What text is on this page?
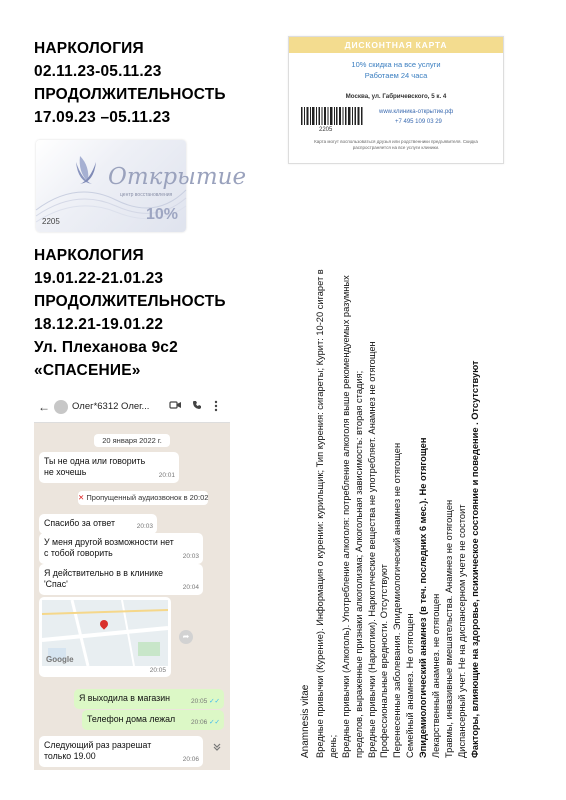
НАРКОЛОГИЯ
02.11.23-05.11.23
ПРОДОЛЖИТЕЛЬНОСТЬ
17.09.23 –05.11.23
Открытие
центр восстановления
2205	10%
НАРКОЛОГИЯ
19.01.22-21.01.23
ПРОДОЛЖИТЕЛЬНОСТЬ
18.12.21-19.01.22
Ул. Плеханова 9с2
«СПАСЕНИЕ»
ДИСКОНТНАЯ КАРТА
10% скидка на все услуги
Работаем 24 часа
Москва, ул. Габричевского, 5 к. 4
2205
www.клиника-открытие.рф
+7 495 109 03 29
Карта могут воспользоваться друзья или родственники предъявителя. Скидка распространяется на все услуги клиники.
Anamnesis vitae Вредные привычки (Курение). Информация о курении: курильщик; Тип курения: сигареты; Курит: 10-20 сигарет в день; Вредные привычки (Алкоголь). Употребление алкоголя: потребление алкоголя выше рекомендуемых разумных пределов, выраженные признаки алкоголизма; Алкогольная зависимость: вторая стадия; Вредные привычки (Наркотики). Наркотические вещества не употребляет. Анамнез не отягощен Профессиональные вредности. Отсутствуют Перенесенные заболевания. Эпидемиологический анамнез не отягощен Семейный анамнез. Не отягощен Эпидемиологический анамнез (в теч. последних 6 мес.). Не отягощен Лекарственный анамнез. не отягощен Травмы, инвазивные вмешательства. Анамнез не отягощен Диспансерный учет. Не на диспансерном учете не состоит Факторы, влияющие на здоровье, психическое состояние и поведение . Отсутствуют
← Олег*6312 Олег...
20 января 2022 г.
Ты не одна или говорить не хочешь	20:01
✕ Пропущенный аудиозвонок в 20:02
Спасибо за ответ	20:03
У меня другой возможности нет с тобой говорить	20:03
Я действительно в в клинике 'Спас'	20:04
Google
20:05
➦
Я выходила в магазин	20:05 ✓✓
Телефон дома лежал 20:06 ✓✓
Следующий раз разрешат только 19.00	20:06
